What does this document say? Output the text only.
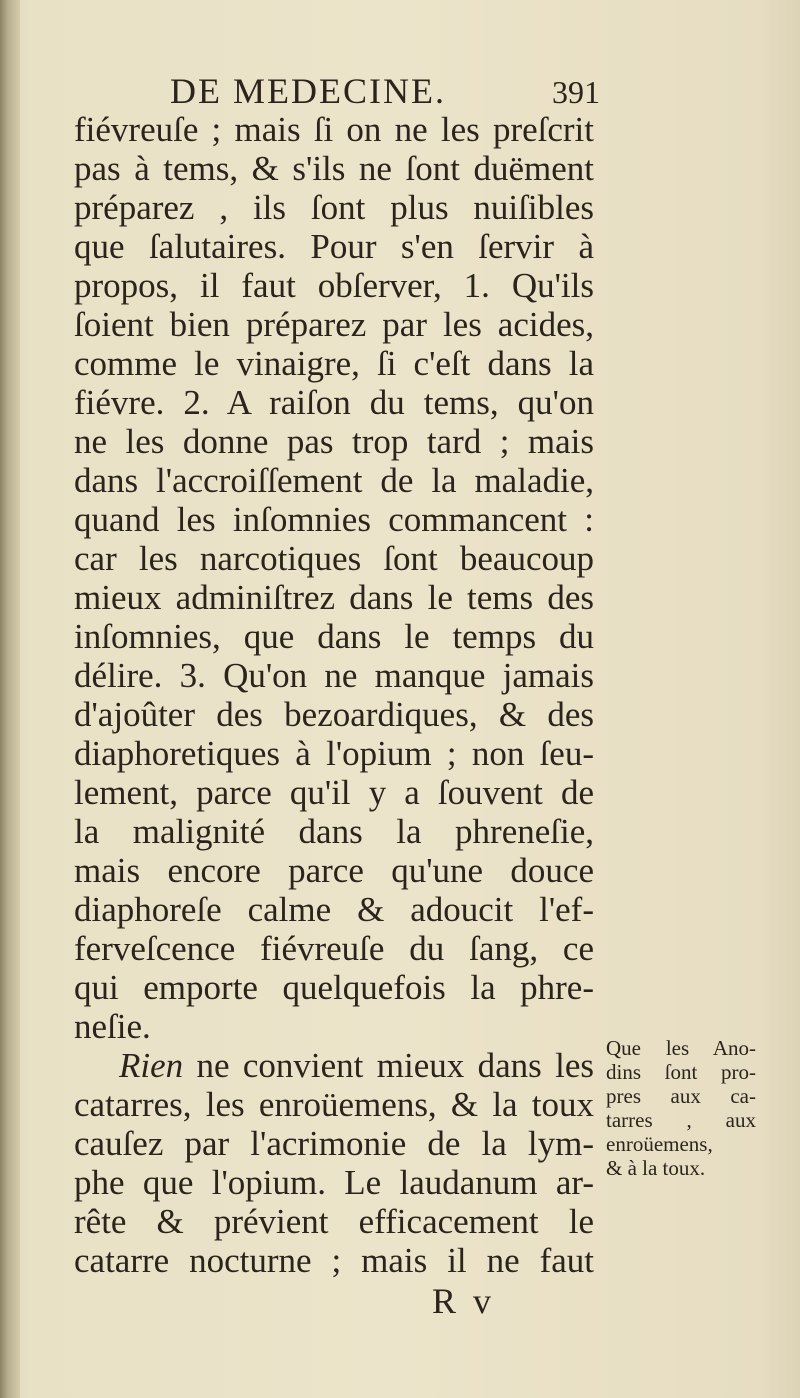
DE MEDECINE.	391
fiévreuſe ; mais ſi on ne les preſcrit
pas à tems, & s'ils ne ſont duëment
préparez , ils ſont plus nuiſibles
que ſalutaires. Pour s'en ſervir à
propos, il faut obſerver, 1. Qu'ils
ſoient bien préparez par les acides,
comme le vinaigre, ſi c'eſt dans la
fiévre. 2. A raiſon du tems, qu'on
ne les donne pas trop tard ; mais
dans l'accroiſſement de la maladie,
quand les inſomnies commancent :
car les narcotiques ſont beaucoup
mieux adminiſtrez dans le tems des
inſomnies, que dans le temps du
délire. 3. Qu'on ne manque jamais
d'ajoûter des bezoardiques, & des
diaphoretiques à l'opium ; non ſeu-
lement, parce qu'il y a ſouvent de
la malignité dans la phreneſie,
mais encore parce qu'une douce
diaphoreſe calme & adoucit l'ef-
ferveſcence fiévreuſe du ſang, ce
qui emporte quelquefois la phre-
neſie.
Rien ne convient mieux dans les
catarres, les enroüemens, & la toux
cauſez par l'acrimonie de la lym-
phe que l'opium. Le laudanum ar-
rête & prévient efficacement le
catarre nocturne ; mais il ne faut
Que les Ano-
dins ſont pro-
pres aux ca-
tarres , aux
enroüemens,
& à la toux.
R v
